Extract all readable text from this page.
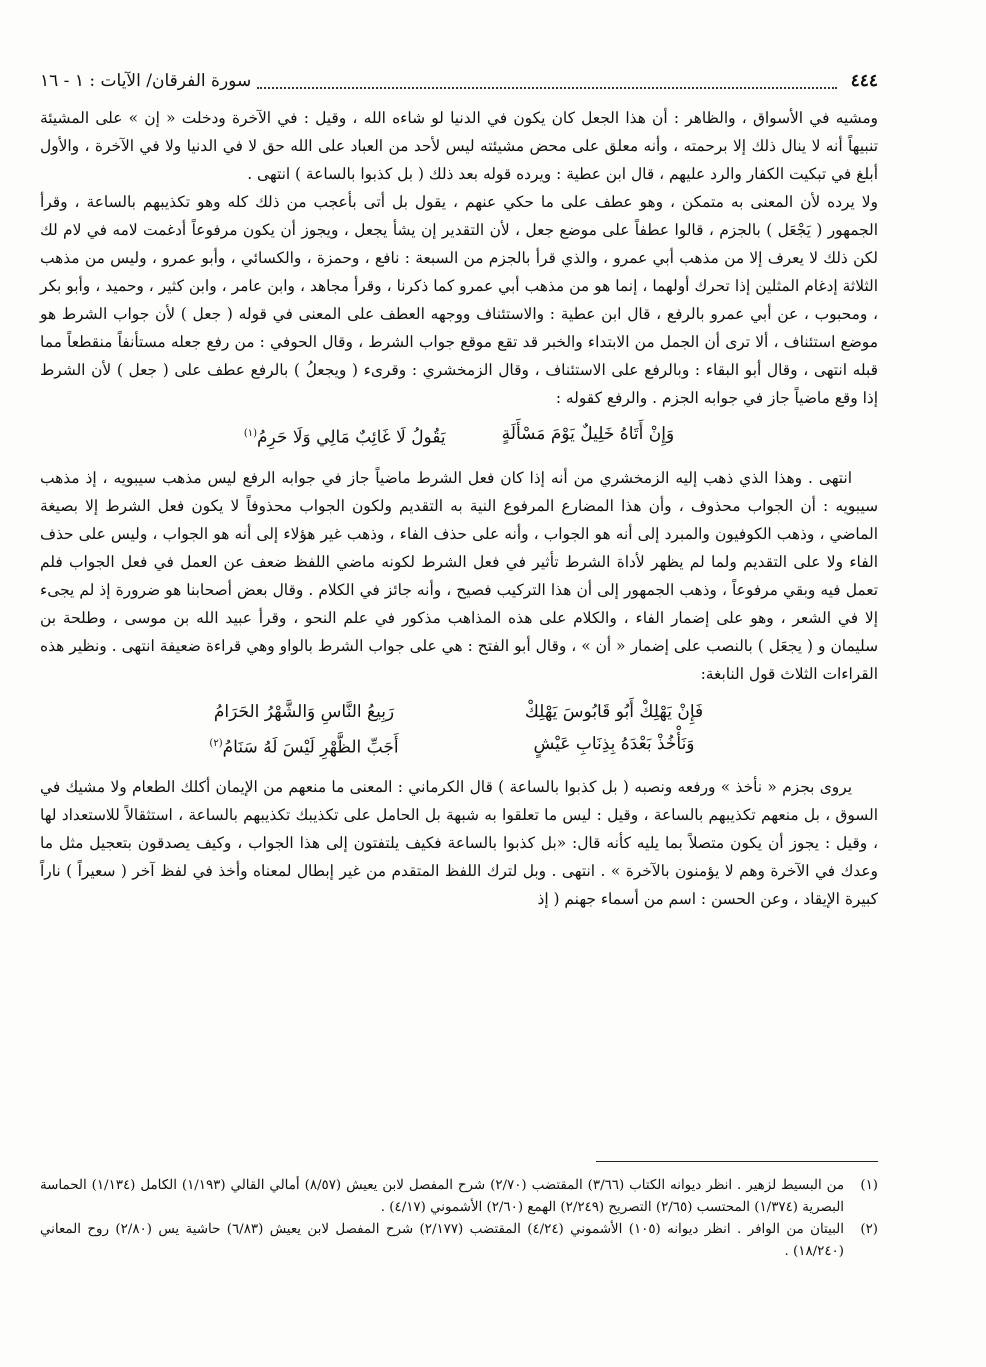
٤٤٤
سورة الفرقان/ الآيات : ١ - ١٦

ومشيه في الأسواق ، والظاهر : أن هذا الجعل كان يكون في الدنيا لو شاءه الله ، وقيل : في الآخرة ودخلت « إن » على المشيئة تنبيهاً أنه لا ينال ذلك إلا برحمته ، وأنه معلق على محض مشيئته ليس لأحد من العباد على الله حق لا في الدنيا ولا في الآخرة ، والأول أبلغ في تبكيت الكفار والرد عليهم ، قال ابن عطية : ويرده قوله بعد ذلك ( بل كذبوا بالساعة ) انتهى .

ولا يرده لأن المعنى به متمكن ، وهو عطف على ما حكي عنهم ، يقول بل أتى بأعجب من ذلك كله وهو تكذيبهم بالساعة ، وقرأ الجمهور ( يَجْعَل ) بالجزم ، قالوا عطفاً على موضع جعل ، لأن التقدير إن يشأ يجعل ، ويجوز أن يكون مرفوعاً أدغمت لامه في لام لك لكن ذلك لا يعرف إلا من مذهب أبي عمرو ، والذي قرأ بالجزم من السبعة : نافع ، وحمزة ، والكسائي ، وأبو عمرو ، وليس من مذهب الثلاثة إدغام المثلين إذا تحرك أولهما ، إنما هو من مذهب أبي عمرو كما ذكرنا ، وقرأ مجاهد ، وابن عامر ، وابن كثير ، وحميد ، وأبو بكر ، ومحبوب ، عن أبي عمرو بالرفع ، قال ابن عطية : والاستئناف ووجهه العطف على المعنى في قوله ( جعل ) لأن جواب الشرط هو موضع استئناف ، ألا ترى أن الجمل من الابتداء والخبر قد تقع موقع جواب الشرط ، وقال الحوفي : من رفع جعله مستأنفاً منقطعاً مما قبله انتهى ، وقال أبو البقاء : وبالرفع على الاستئناف ، وقال الزمخشري : وقرىء ( ويجعلُ ) بالرفع عطف على ( جعل ) لأن الشرط إذا وقع ماضياً جاز في جوابه الجزم . والرفع كقوله :

وَإِنْ أَتَاهُ خَلِيلٌ يَوْمَ مَسْأَلَةٍ
يَقُولُ لَا غَائِبٌ مَالِي وَلَا حَرِمُ$^{(١)}$

انتهى . وهذا الذي ذهب إليه الزمخشري من أنه إذا كان فعل الشرط ماضياً جاز في جوابه الرفع ليس مذهب سيبويه ، إذ مذهب سيبويه : أن الجواب محذوف ، وأن هذا المضارع المرفوع النية به التقديم ولكون الجواب محذوفاً لا يكون فعل الشرط إلا بصيغة الماضي ، وذهب الكوفيون والمبرد إلى أنه هو الجواب ، وأنه على حذف الفاء ، وذهب غير هؤلاء إلى أنه هو الجواب ، وليس على حذف الفاء ولا على التقديم ولما لم يظهر لأداة الشرط تأثير في فعل الشرط لكونه ماضي اللفظ ضعف عن العمل في فعل الجواب فلم تعمل فيه وبقي مرفوعاً ، وذهب الجمهور إلى أن هذا التركيب فصيح ، وأنه جائز في الكلام . وقال بعض أصحابنا هو ضرورة إذ لم يجىء إلا في الشعر ، وهو على إضمار الفاء ، والكلام على هذه المذاهب مذكور في علم النحو ، وقرأ عبيد الله بن موسى ، وطلحة بن سليمان و ( يجعَل ) بالنصب على إضمار « أن » ، وقال أبو الفتح : هي على جواب الشرط بالواو وهي قراءة ضعيفة انتهى . ونظير هذه القراءات الثلاث قول النابغة:

فَإِنْ يَهْلِكْ أَبُو قَابُوسَ يَهْلِكْ
رَبِيعُ النَّاسِ وَالشَّهْرُ الحَرَامُ
وَنَأْخُذْ بَعْدَهُ بِذِنَابِ عَيْشٍ
أَجَبِّ الظَّهْرِ لَيْسَ لَهُ سَنَامُ$^{(٢)}$

يروى بجزم « نأخذ » ورفعه ونصبه ( بل كذبوا بالساعة ) قال الكرماني : المعنى ما منعهم من الإيمان أكلك الطعام ولا مشيك في السوق ، بل منعهم تكذيبهم بالساعة ، وقيل : ليس ما تعلقوا به شبهة بل الحامل على تكذيبك تكذيبهم بالساعة ، استثقالاً للاستعداد لها ، وقيل : يجوز أن يكون متصلاً بما يليه كأنه قال: «بل كذبوا بالساعة فكيف يلتفتون إلى هذا الجواب ، وكيف يصدقون بتعجيل مثل ما وعدك في الآخرة وهم لا يؤمنون بالآخرة » . انتهى . وبل لترك اللفظ المتقدم من غير إبطال لمعناه وأخذ في لفظ آخر ( سعيراً ) ناراً كبيرة الإيقاد ، وعن الحسن : اسم من أسماء جهنم ( إذ

(١)
من البسيط لزهير . انظر ديوانه الكتاب (٣/٦٦) المقتضب (٢/٧٠) شرح المفصل لابن يعيش (٨/٥٧) أمالي القالي (١/١٩٣) الكامل (١/١٣٤) الحماسة البصرية (١/٣٧٤) المحتسب (٢/٦٥) التصريح (٢/٢٤٩) الهمع (٢/٦٠) الأشموني (٤/١٧) .
(٢)
البيتان من الوافر . انظر ديوانه (١٠٥) الأشموني (٤/٢٤) المقتضب (٢/١٧٧) شرح المفصل لابن يعيش (٦/٨٣) حاشية يس (٢/٨٠) روح المعاني (١٨/٢٤٠) .
